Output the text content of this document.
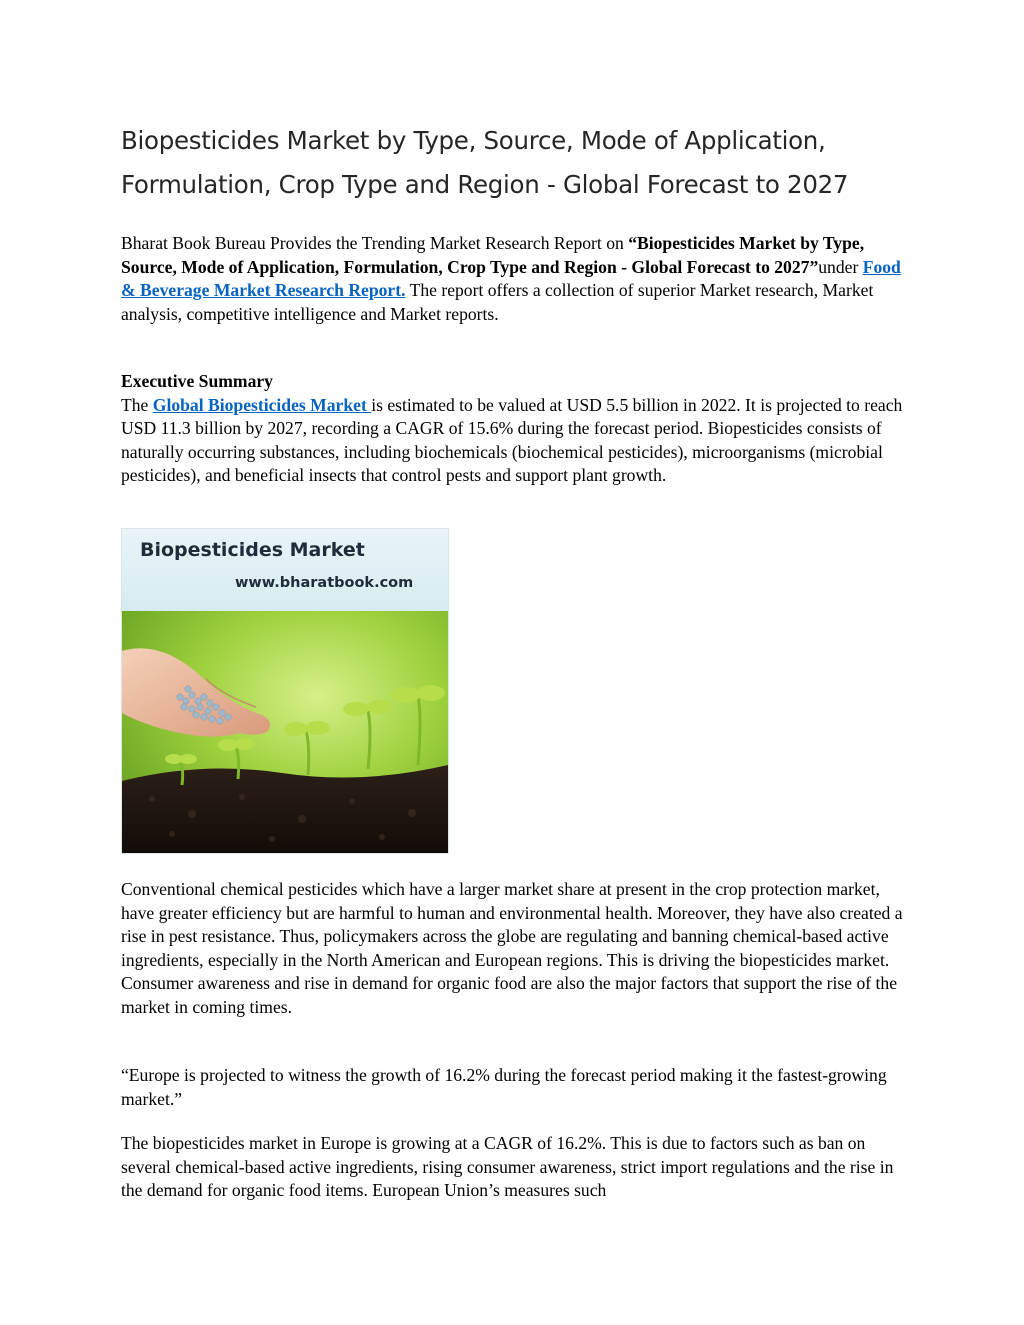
Biopesticides Market by Type, Source, Mode of Application, Formulation, Crop Type and Region - Global Forecast to 2027

Bharat Book Bureau Provides the Trending Market Research Report on “Biopesticides Market by Type, Source, Mode of Application, Formulation, Crop Type and Region - Global Forecast to 2027”under Food & Beverage Market Research Report. The report offers a collection of superior Market research, Market analysis, competitive intelligence and Market reports.

Executive Summary
The Global Biopesticides Market is estimated to be valued at USD 5.5 billion in 2022. It is projected to reach USD 11.3 billion by 2027, recording a CAGR of 15.6% during the forecast period. Biopesticides consists of naturally occurring substances, including biochemicals (biochemical pesticides), microorganisms (microbial pesticides), and beneficial insects that control pests and support plant growth.

Conventional chemical pesticides which have a larger market share at present in the crop protection market, have greater efficiency but are harmful to human and environmental health. Moreover, they have also created a rise in pest resistance. Thus, policymakers across the globe are regulating and banning chemical-based active ingredients, especially in the North American and European regions. This is driving the biopesticides market. Consumer awareness and rise in demand for organic food are also the major factors that support the rise of the market in coming times.

“Europe is projected to witness the growth of 16.2% during the forecast period making it the fastest-growing market.”

The biopesticides market in Europe is growing at a CAGR of 16.2%. This is due to factors such as ban on several chemical-based active ingredients, rising consumer awareness, strict import regulations and the rise in the demand for organic food items. European Union’s measures such

Biopesticides Market
www.bharatbook.com
